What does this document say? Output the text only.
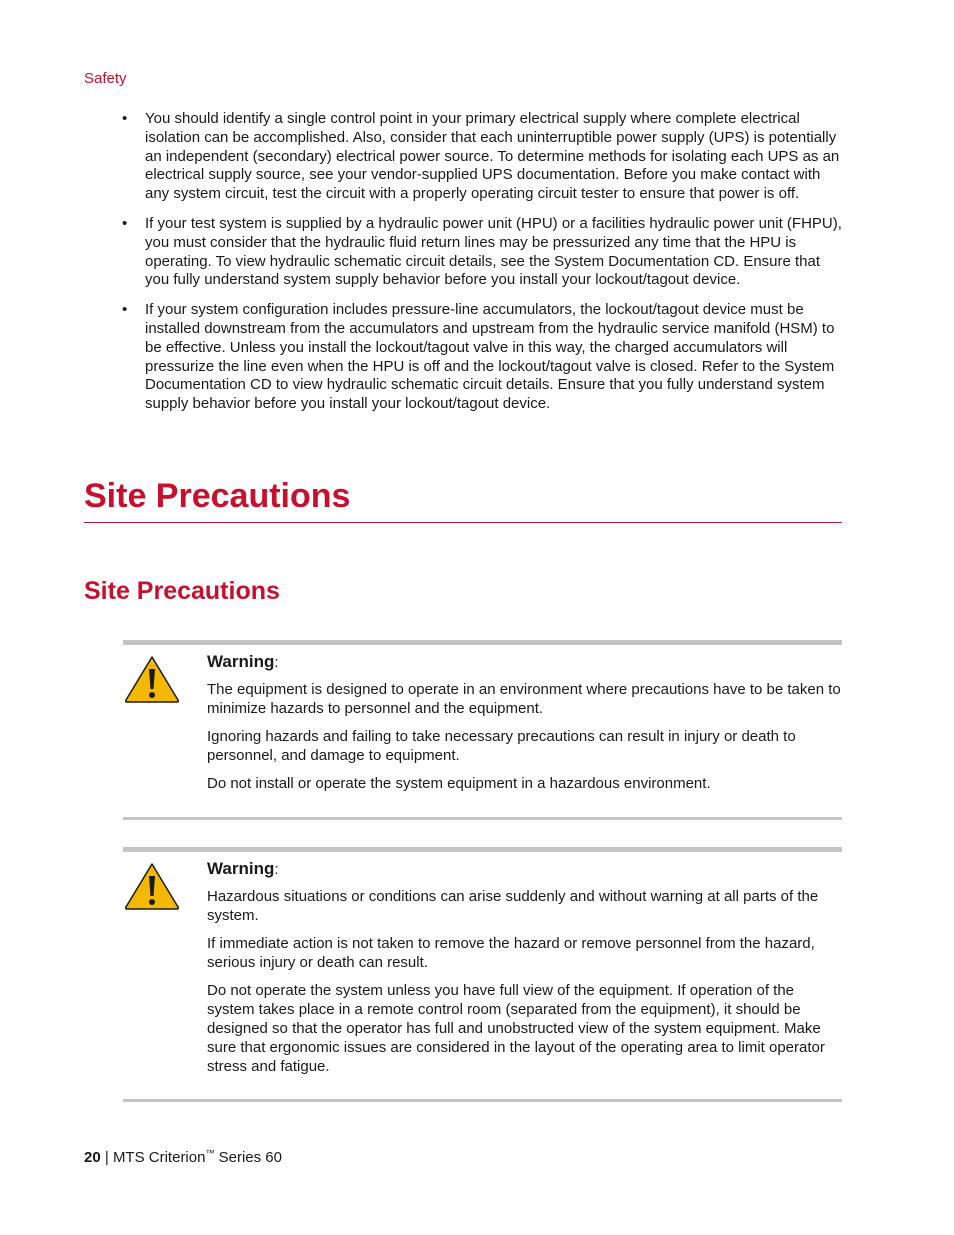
Safety
• You should identify a single control point in your primary electrical supply where complete electrical isolation can be accomplished. Also, consider that each uninterruptible power supply (UPS) is potentially an independent (secondary) electrical power source. To determine methods for isolating each UPS as an electrical supply source, see your vendor-supplied UPS documentation. Before you make contact with any system circuit, test the circuit with a properly operating circuit tester to ensure that power is off.
• If your test system is supplied by a hydraulic power unit (HPU) or a facilities hydraulic power unit (FHPU), you must consider that the hydraulic fluid return lines may be pressurized any time that the HPU is operating. To view hydraulic schematic circuit details, see the System Documentation CD. Ensure that you fully understand system supply behavior before you install your lockout/tagout device.
• If your system configuration includes pressure-line accumulators, the lockout/tagout device must be installed downstream from the accumulators and upstream from the hydraulic service manifold (HSM) to be effective. Unless you install the lockout/tagout valve in this way, the charged accumulators will pressurize the line even when the HPU is off and the lockout/tagout valve is closed. Refer to the System Documentation CD to view hydraulic schematic circuit details. Ensure that you fully understand system supply behavior before you install your lockout/tagout device.
Site Precautions
Site Precautions
Warning:

The equipment is designed to operate in an environment where precautions have to be taken to minimize hazards to personnel and the equipment.

Ignoring hazards and failing to take necessary precautions can result in injury or death to personnel, and damage to equipment.

Do not install or operate the system equipment in a hazardous environment.

Warning:

Hazardous situations or conditions can arise suddenly and without warning at all parts of the system.

If immediate action is not taken to remove the hazard or remove personnel from the hazard, serious injury or death can result.

Do not operate the system unless you have full view of the equipment. If operation of the system takes place in a remote control room (separated from the equipment), it should be designed so that the operator has full and unobstructed view of the system equipment. Make sure that ergonomic issues are considered in the layout of the operating area to limit operator stress and fatigue.

20 | MTS Criterion™ Series 60
